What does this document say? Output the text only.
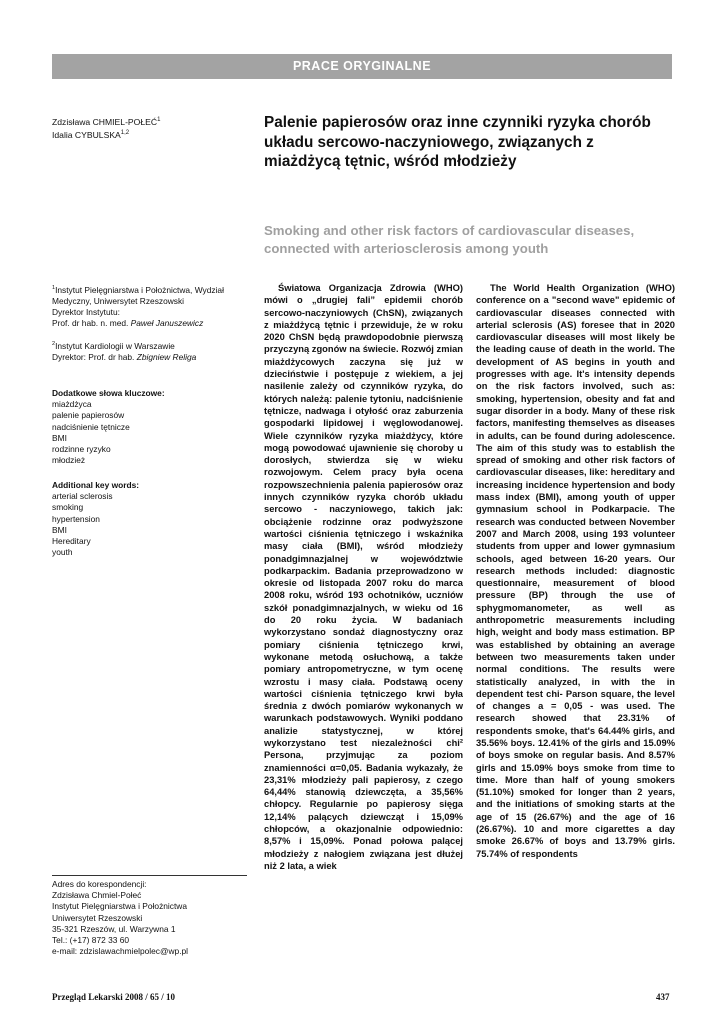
PRACE ORYGINALNE
Zdzisława CHMIEL-POŁEĆ$^1$
Idalia CYBULSKA$^{1,2}$
Palenie papierosów oraz inne czynniki ryzyka chorób układu sercowo-naczyniowego, związanych z miażdżycą tętnic, wśród młodzieży
Smoking and other risk factors of cardiovascular diseases, connected with arteriosclerosis among youth
$^1$Instytut Pielęgniarstwa i Położnictwa, Wydział Medyczny, Uniwersytet Rzeszowski
Dyrektor Instytutu:
Prof. dr hab. n. med. Paweł Januszewicz
$^2$Instytut Kardiologii w Warszawie
Dyrektor: Prof. dr hab. Zbigniew Religa
Dodatkowe słowa kluczowe:
miażdżyca
palenie papierosów
nadciśnienie tętnicze
BMI
rodzinne ryzyko
młodzież
Additional key words:
arterial sclerosis
smoking
hypertension
BMI
Hereditary
youth
Adres do korespondencji:
Zdzisława Chmiel-Połeć
Instytut Pielęgniarstwa i Położnictwa
Uniwersytet Rzeszowski
35-321 Rzeszów, ul. Warzywna 1
Tel.: (+17) 872 33 60
e-mail: zdzislawachmielpolec@wp.pl

Światowa Organizacja Zdrowia (WHO) mówi o „drugiej fali” epidemii chorób sercowo-naczyniowych (ChSN), związanych z miażdżycą tętnic i przewiduje, że w roku 2020 ChSN będą prawdopodobnie pierwszą przyczyną zgonów na świecie. Rozwój zmian miażdżycowych zaczyna się już w dzieciństwie i postępuje z wiekiem, a jej nasilenie zależy od czynników ryzyka, do których należą: palenie tytoniu, nadciśnienie tętnicze, nadwaga i otyłość oraz zaburzenia gospodarki lipidowej i węglowodanowej. Wiele czynników ryzyka miażdżycy, które mogą powodować ujawnienie się choroby u dorosłych, stwierdza się w wieku rozwojowym. Celem pracy była ocena rozpowszechnienia palenia papierosów oraz innych czynników ryzyka chorób układu sercowo - naczyniowego, takich jak: obciążenie rodzinne oraz podwyższone wartości ciśnienia tętniczego i wskaźnika masy ciała (BMI), wśród młodzieży ponadgimnazjalnej w województwie podkarpackim. Badania przeprowadzono w okresie od listopada 2007 roku do marca 2008 roku, wśród 193 ochotników, uczniów szkół ponadgimnazjalnych, w wieku od 16 do 20 roku życia. W badaniach wykorzystano sondaż diagnostyczny oraz pomiary ciśnienia tętniczego krwi, wykonane metodą osłuchową, a także pomiary antropometryczne, w tym ocenę wzrostu i masy ciała. Podstawą oceny wartości ciśnienia tętniczego krwi była średnia z dwóch pomiarów wykonanych w warunkach podstawowych. Wyniki poddano analizie statystycznej, w której wykorzystano test niezależności chi² Persona, przyjmując za poziom znamienności α=0,05. Badania wykazały, że 23,31% młodzieży pali papierosy, z czego 64,44% stanowią dziewczęta, a 35,56% chłopcy. Regularnie po papierosy sięga 12,14% palących dziewcząt i 15,09% chłopców, a okazjonalnie odpowiednio: 8,57% i 15,09%. Ponad połowa palącej młodzieży z nałogiem związana jest dłużej niż 2 lata, a wiek

The World Health Organization (WHO) conference on a "second wave" epidemic of cardiovascular diseases connected with arterial sclerosis (AS) foresee that in 2020 cardiovascular diseases will most likely be the leading cause of death in the world. The development of AS begins in youth and progresses with age. It's intensity depends on the risk factors involved, such as: smoking, hypertension, obesity and fat and sugar disorder in a body. Many of these risk factors, manifesting themselves as diseases in adults, can be found during adolescence. The aim of this study was to establish the spread of smoking and other risk factors of cardiovascular diseases, like: hereditary and increasing incidence hypertension and body mass index (BMI), among youth of upper gymnasium school in Podkarpacie. The research was conducted between November 2007 and March 2008, using 193 volunteer students from upper and lower gymnasium schools, aged between 16-20 years. Our research methods included: diagnostic questionnaire, measurement of blood pressure (BP) through the use of sphygmomanometer, as well as anthropometric measurements including high, weight and body mass estimation. BP was established by obtaining an average between two measurements taken under normal conditions. The results were statistically analyzed, in with the in dependent test chi- Parson square, the level of changes a = 0,05 - was used. The research showed that 23.31% of respondents smoke, that's 64.44% girls, and 35.56% boys. 12.41% of the girls and 15.09% of boys smoke on regular basis. And 8.57% girls and 15.09% boys smoke from time to time. More than half of young smokers (51.10%) smoked for longer than 2 years, and the initiations of smoking starts at the age of 15 (26.67%) and the age of 16 (26.67%). 10 and more cigarettes a day smoke 26.67% of boys and 13.79% girls. 75.74% of respondents

Przegląd Lekarski 2008 / 65 / 10	437
